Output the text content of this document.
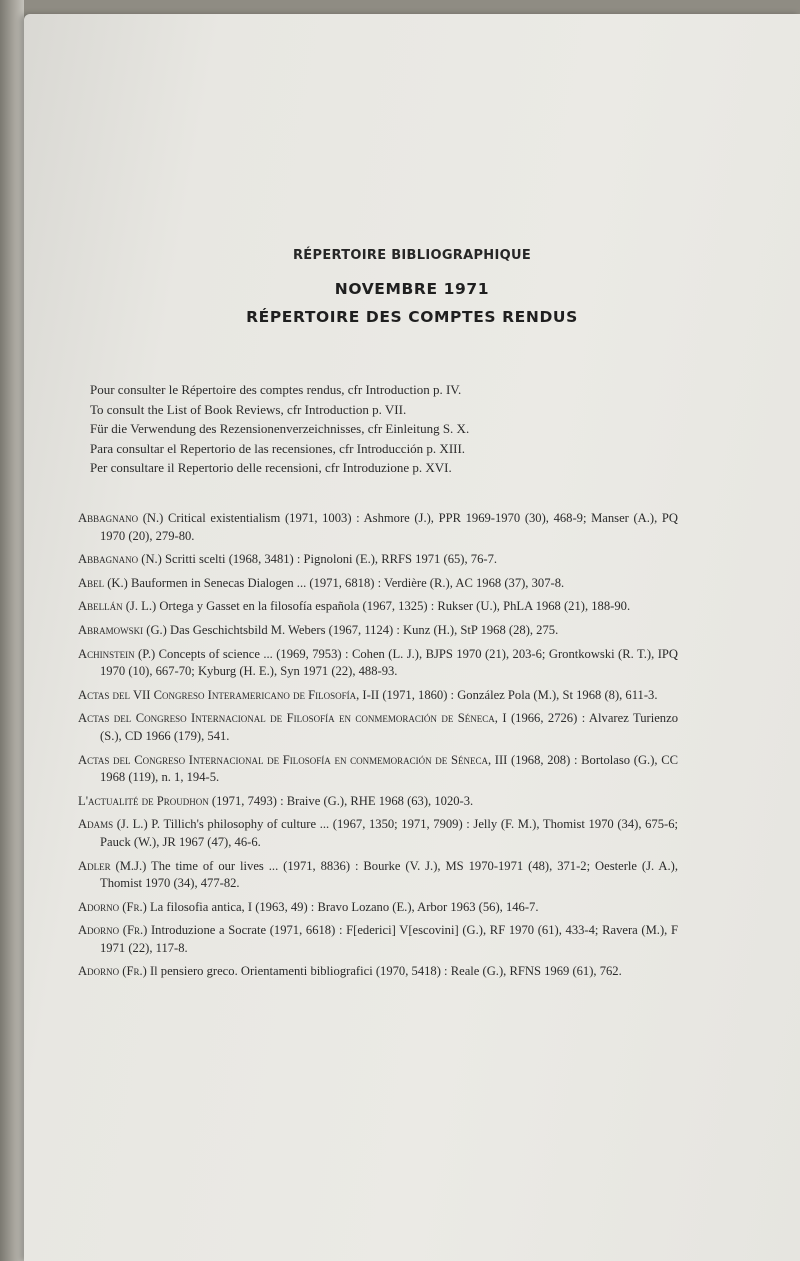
RÉPERTOIRE BIBLIOGRAPHIQUE

NOVEMBRE 1971

RÉPERTOIRE DES COMPTES RENDUS

Pour consulter le Répertoire des comptes rendus, cfr Introduction p. IV.
To consult the List of Book Reviews, cfr Introduction p. VII.
Für die Verwendung des Rezensionenverzeichnisses, cfr Einleitung S. X.
Para consultar el Repertorio de las recensiones, cfr Introducción p. XIII.
Per consultare il Repertorio delle recensioni, cfr Introduzione p. XVI.
Abbagnano (N.) Critical existentialism (1971, 1003) : Ashmore (J.), PPR 1969-1970 (30), 468-9; Manser (A.), PQ 1970 (20), 279-80.
Abbagnano (N.) Scritti scelti (1968, 3481) : Pignoloni (E.), RRFS 1971 (65), 76-7.
Abel (K.) Bauformen in Senecas Dialogen ... (1971, 6818) : Verdière (R.), AC 1968 (37), 307-8.
Abellán (J. L.) Ortega y Gasset en la filosofía española (1967, 1325) : Rukser (U.), PhLA 1968 (21), 188-90.
Abramowski (G.) Das Geschichtsbild M. Webers (1967, 1124) : Kunz (H.), StP 1968 (28), 275.
Achinstein (P.) Concepts of science ... (1969, 7953) : Cohen (L. J.), BJPS 1970 (21), 203-6; Grontkowski (R. T.), IPQ 1970 (10), 667-70; Kyburg (H. E.), Syn 1971 (22), 488-93.
Actas del VII Congreso Interamericano de Filosofía, I-II (1971, 1860) : González Pola (M.), St 1968 (8), 611-3.
Actas del Congreso Internacional de Filosofía en conmemoración de Séneca, I (1966, 2726) : Alvarez Turienzo (S.), CD 1966 (179), 541.
Actas del Congreso Internacional de Filosofía en conmemoración de Séneca, III (1968, 208) : Bortolaso (G.), CC 1968 (119), n. 1, 194-5.
L'actualité de Proudhon (1971, 7493) : Braive (G.), RHE 1968 (63), 1020-3.
Adams (J. L.) P. Tillich's philosophy of culture ... (1967, 1350; 1971, 7909) : Jelly (F. M.), Thomist 1970 (34), 675-6; Pauck (W.), JR 1967 (47), 46-6.
Adler (M.J.) The time of our lives ... (1971, 8836) : Bourke (V. J.), MS 1970-1971 (48), 371-2; Oesterle (J. A.), Thomist 1970 (34), 477-82.
Adorno (Fr.) La filosofia antica, I (1963, 49) : Bravo Lozano (E.), Arbor 1963 (56), 146-7.
Adorno (Fr.) Introduzione a Socrate (1971, 6618) : F[ederici] V[escovini] (G.), RF 1970 (61), 433-4; Ravera (M.), F 1971 (22), 117-8.
Adorno (Fr.) Il pensiero greco. Orientamenti bibliografici (1970, 5418) : Reale (G.), RFNS 1969 (61), 762.
